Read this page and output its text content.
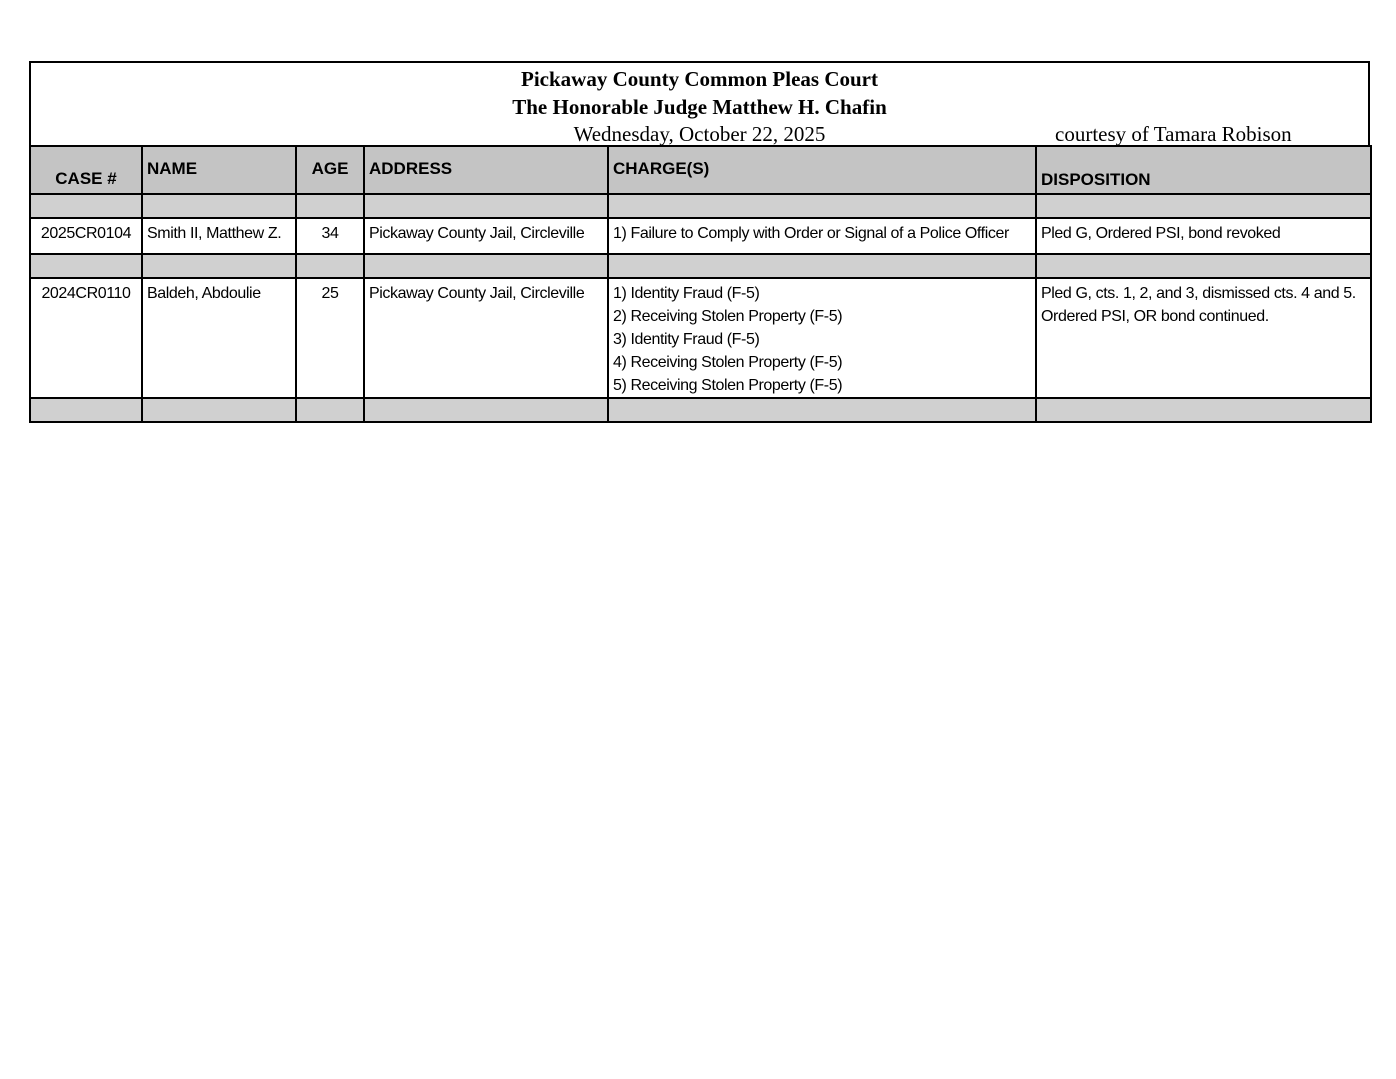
Pickaway County Common Pleas Court
The Honorable Judge Matthew H. Chafin
Wednesday, October 22, 2025	courtesy of Tamara Robison
CASE #	NAME	AGE	ADDRESS	CHARGE(S)	DISPOSITION

2025CR0104	Smith II, Matthew Z.	34	Pickaway County Jail, Circleville	1) Failure to Comply with Order or Signal of a Police Officer	Pled G, Ordered PSI, bond revoked

2024CR0110	Baldeh, Abdoulie	25	Pickaway County Jail, Circleville	1) Identity Fraud (F-5)
2) Receiving Stolen Property (F-5)
3) Identity Fraud (F-5)
4) Receiving Stolen Property (F-5)
5) Receiving Stolen Property (F-5)	Pled G, cts. 1, 2, and 3, dismissed cts. 4 and 5. Ordered PSI, OR bond continued.
